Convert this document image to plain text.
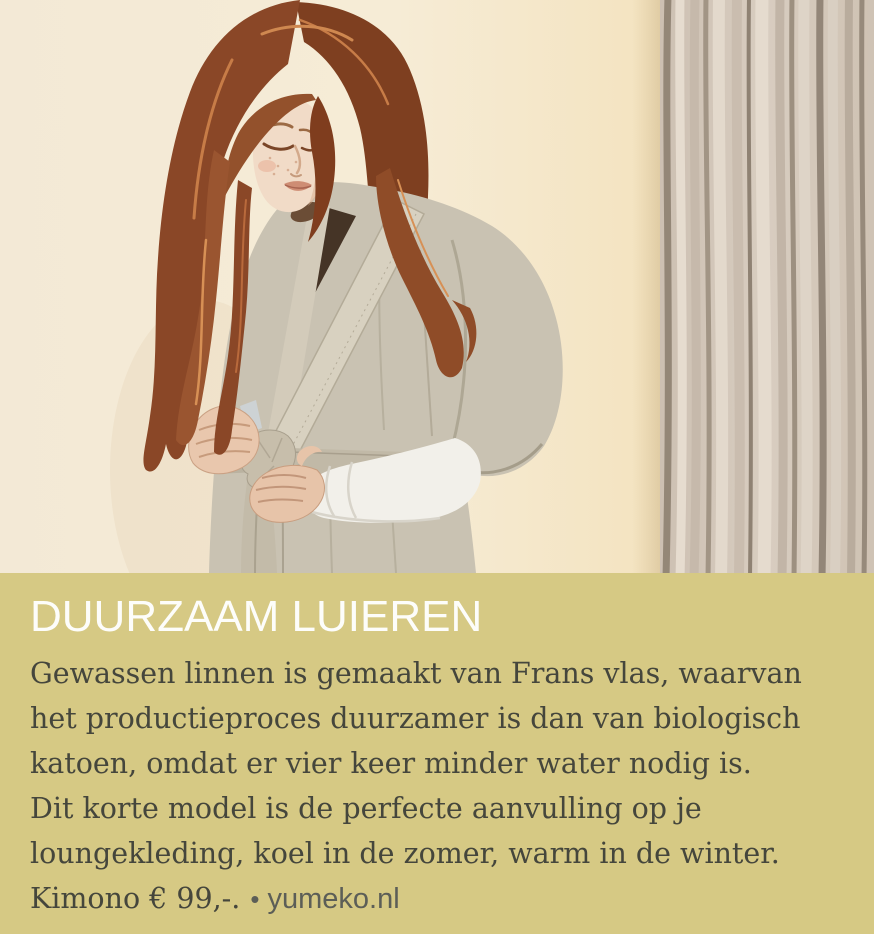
DUURZAAM LUIEREN

Gewassen linnen is gemaakt van Frans vlas, waarvan

het productieproces duurzamer is dan van biologisch

katoen, omdat er vier keer minder water nodig is.

Dit korte model is de perfecte aanvulling op je

loungekleding, koel in de zomer, warm in de winter.

Kimono € 99,-. • yumeko.nl
